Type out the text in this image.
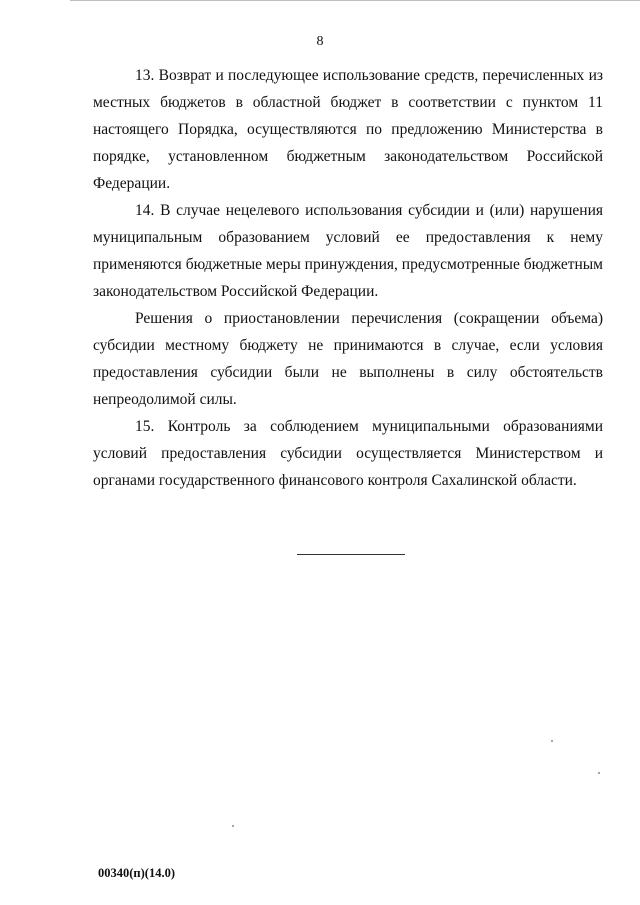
8

13. Возврат и последующее использование средств, перечисленных из местных бюджетов в областной бюджет в соответствии с пунктом 11 настоящего Порядка, осуществляются по предложению Министерства в порядке, установленном бюджетным законодательством Российской Федерации.

14. В случае нецелевого использования субсидии и (или) нарушения муниципальным образованием условий ее предоставления к нему применяются бюджетные меры принуждения, предусмотренные бюджетным законодательством Российской Федерации.

Решения о приостановлении перечисления (сокращении объема) субсидии местному бюджету не принимаются в случае, если условия предоставления субсидии были не выполнены в силу обстоятельств непреодолимой силы.

15. Контроль за соблюдением муниципальными образованиями условий предоставления субсидии осуществляется Министерством и органами государственного финансового контроля Сахалинской области.

00340(п)(14.0)
